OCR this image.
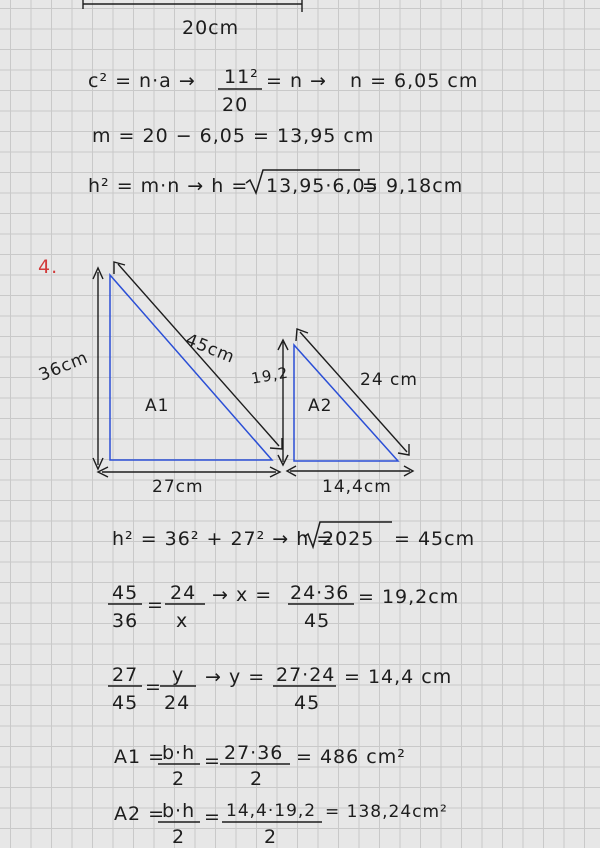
20cm
c² = n·a → 11²
20
= n → n = 6,05 cm
m = 20 − 6,05 = 13,95 cm
h² = m·n → h = 13,95·6,05
= 9,18cm
4.
A1
36cm	45cm
27cm
A2
19,2	24 cm
14,4cm
h² = 36² + 27² → h =
2025 = 45cm
45
36
=
24
x
→ x = 24·36
45
= 19,2cm
27
45
=
y
24
→ y = 27·24
45
= 14,4 cm
A1 =
b·h
2
= 27·36
2
= 486 cm²
A2 =
b·h
2
= 14,4·19,2
2
= 138,24cm²
